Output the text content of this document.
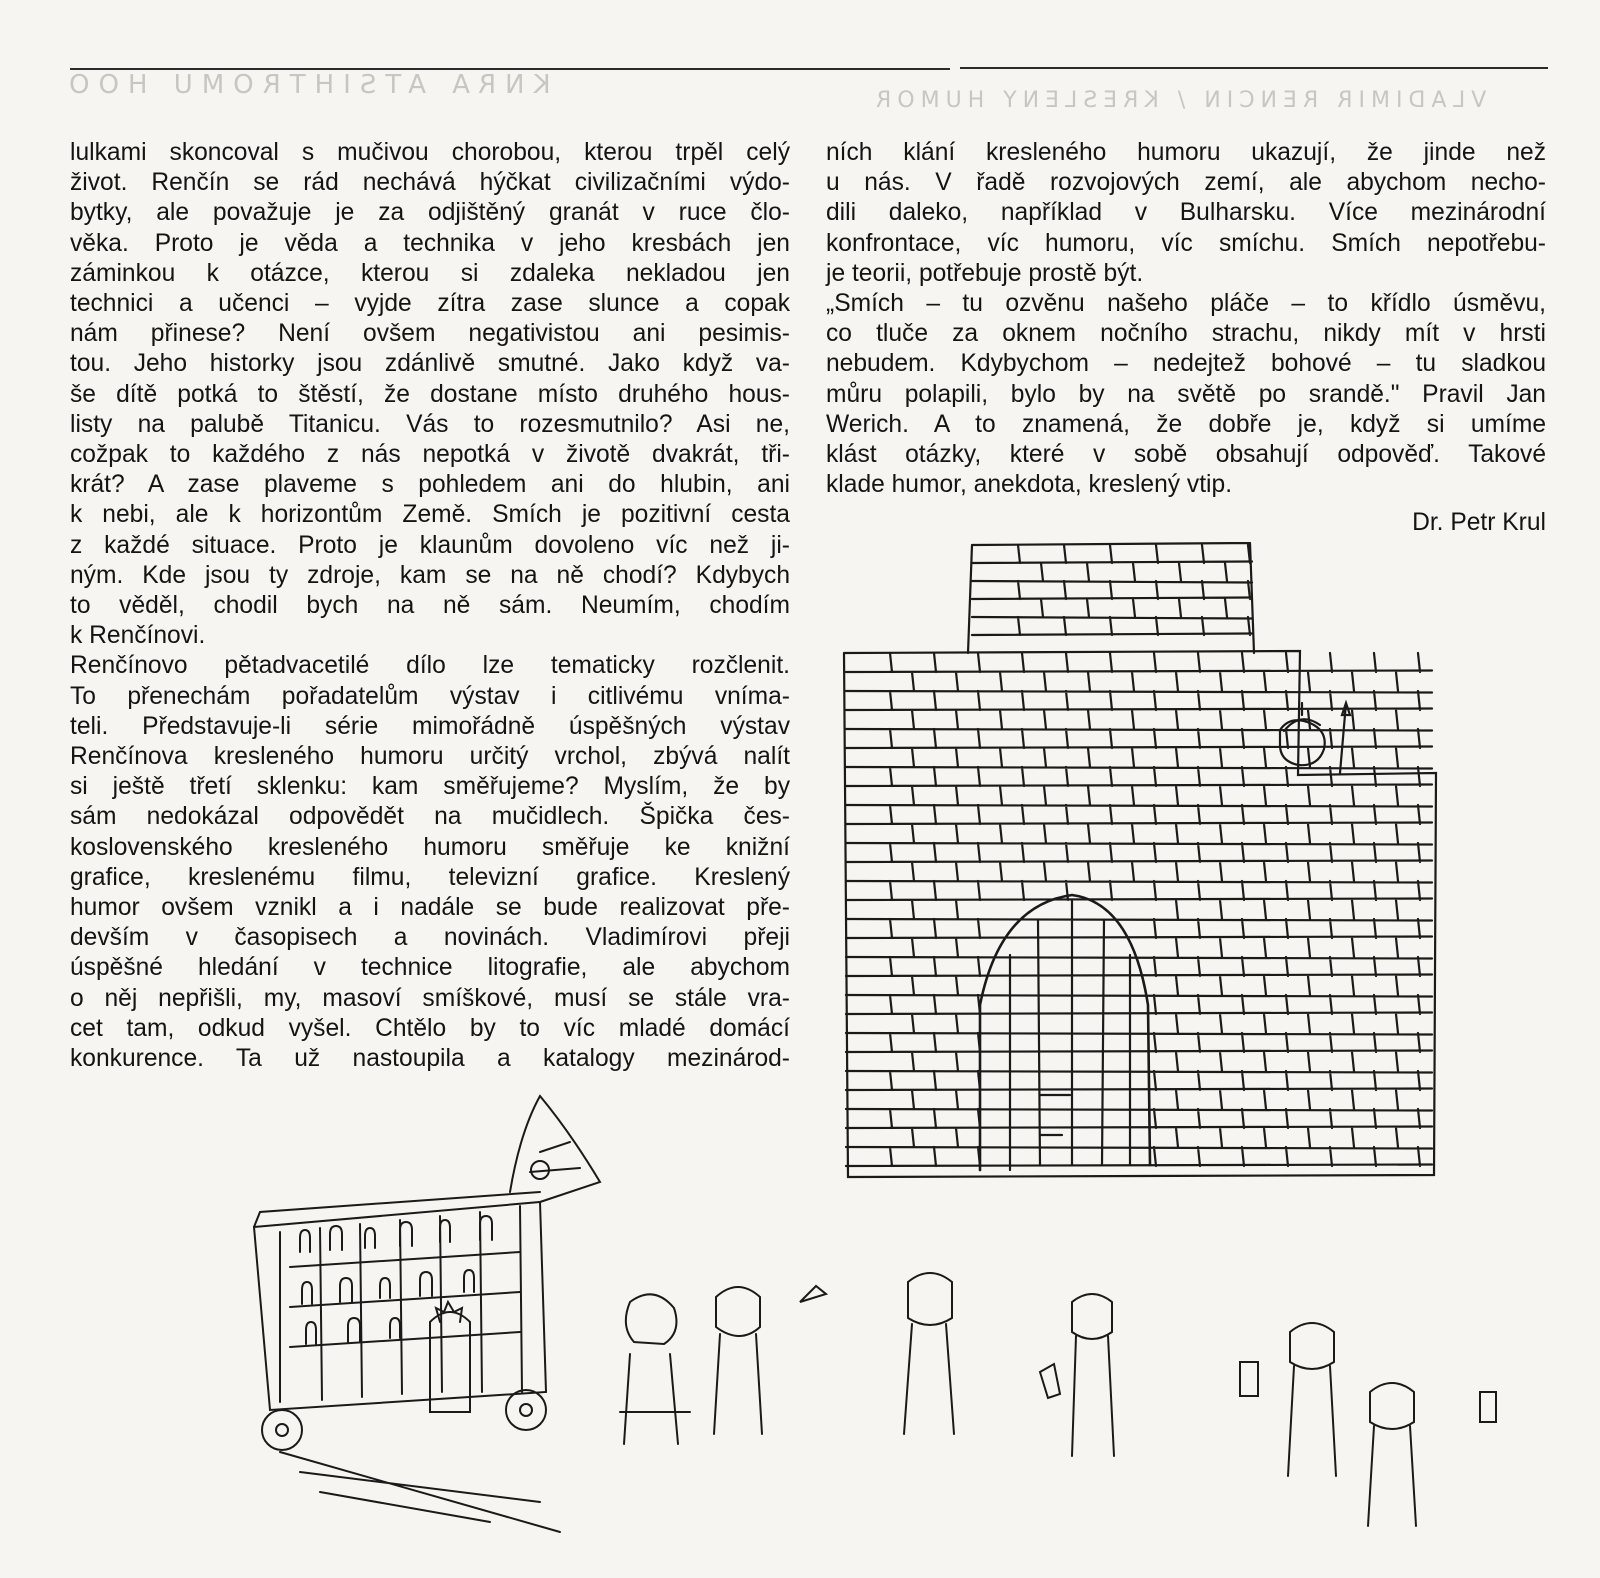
KNRA ATSIHTROMU HOO
VLADIMIR RENCIN / KRESLENY HUMOR

lulkami skoncoval s mučivou chorobou, kterou trpěl celý

život. Renčín se rád nechává hýčkat civilizačními výdo-

bytky, ale považuje je za odjištěný granát v ruce člo-

věka. Proto je věda a technika v jeho kresbách jen

záminkou k otázce, kterou si zdaleka nekladou jen

technici a učenci – vyjde zítra zase slunce a copak

nám přinese? Není ovšem negativistou ani pesimis-

tou. Jeho historky jsou zdánlivě smutné. Jako když va-

še dítě potká to štěstí, že dostane místo druhého hous-

listy na palubě Titanicu. Vás to rozesmutnilo? Asi ne,

cožpak to každého z nás nepotká v životě dvakrát, tři-

krát? A zase plaveme s pohledem ani do hlubin, ani

k nebi, ale k horizontům Země. Smích je pozitivní cesta

z každé situace. Proto je klaunům dovoleno víc než ji-

ným. Kde jsou ty zdroje, kam se na ně chodí? Kdybych

to věděl, chodil bych na ně sám. Neumím, chodím

k Renčínovi.

Renčínovo pětadvacetilé dílo lze tematicky rozčlenit.

To přenechám pořadatelům výstav i citlivému vníma-

teli. Představuje-li série mimořádně úspěšných výstav

Renčínova kresleného humoru určitý vrchol, zbývá nalít

si ještě třetí sklenku: kam směřujeme? Myslím, že by

sám nedokázal odpovědět na mučidlech. Špička čes-

koslovenského kresleného humoru směřuje ke knižní

grafice, kreslenému filmu, televizní grafice. Kreslený

humor ovšem vznikl a i nadále se bude realizovat pře-

devším v časopisech a novinách. Vladimírovi přeji

úspěšné hledání v technice litografie, ale abychom

o něj nepřišli, my, masoví smíškové, musí se stále vra-

cet tam, odkud vyšel. Chtělo by to víc mladé domácí

konkurence. Ta už nastoupila a katalogy mezinárod-

ních klání kresleného humoru ukazují, že jinde než

u nás. V řadě rozvojových zemí, ale abychom necho-

dili daleko, například v Bulharsku. Více mezinárodní

konfrontace, víc humoru, víc smíchu. Smích nepotřebu-

je teorii, potřebuje prostě být.

„Smích – tu ozvěnu našeho pláče – to křídlo úsměvu,

co tluče za oknem nočního strachu, nikdy mít v hrsti

nebudem. Kdybychom – nedejtež bohové – tu sladkou

můru polapili, bylo by na světě po srandě." Pravil Jan

Werich. A to znamená, že dobře je, když si umíme

klást otázky, které v sobě obsahují odpověď. Takové

klade humor, anekdota, kreslený vtip.

Dr. Petr Krul
